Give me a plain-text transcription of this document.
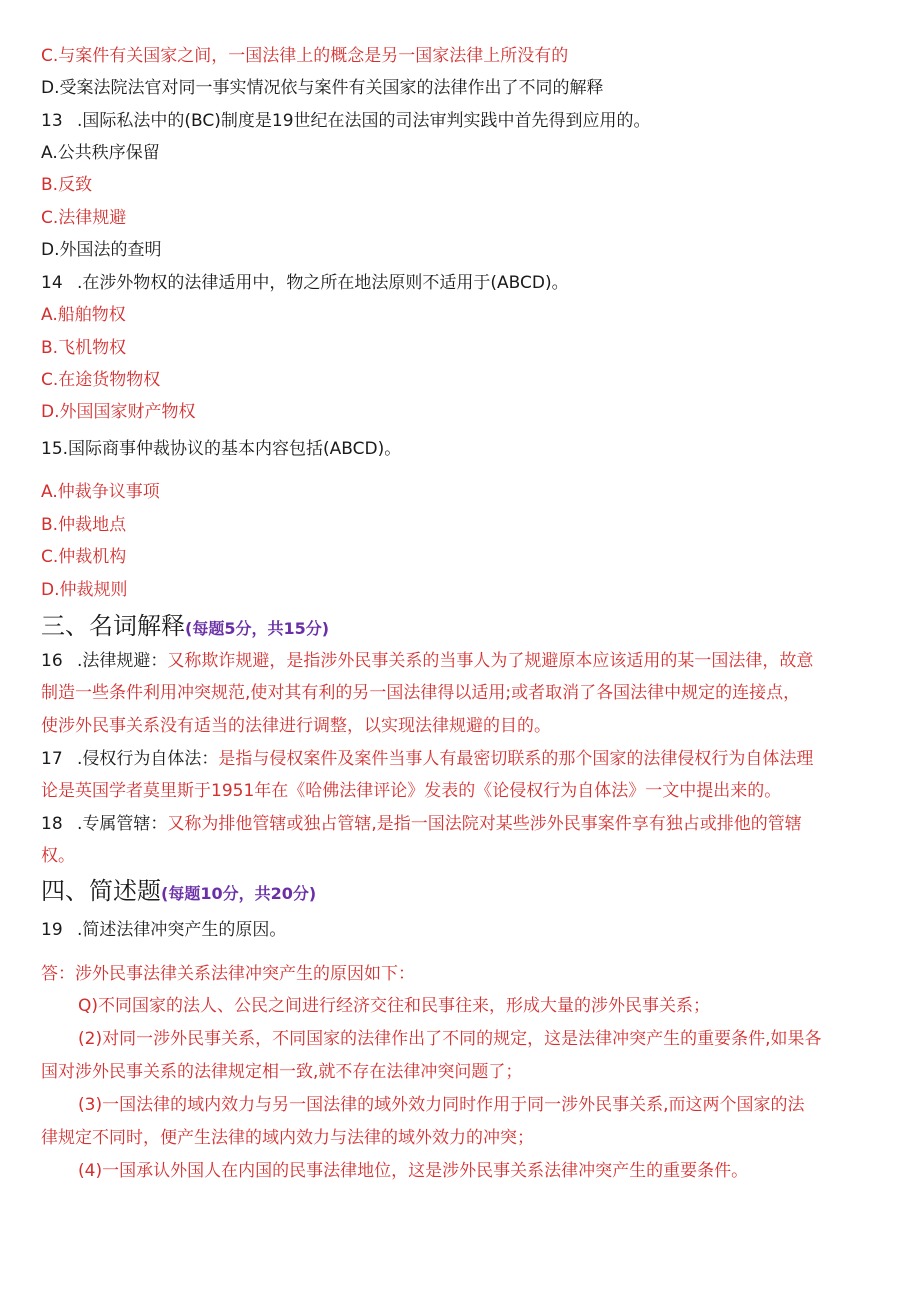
C.与案件有关国家之间，一国法律上的概念是另一国家法律上所没有的
D.受案法院法官对同一事实情况依与案件有关国家的法律作出了不同的解释
13 .国际私法中的(BC)制度是19世纪在法国的司法审判实践中首先得到应用的。
A.公共秩序保留
B.反致
C.法律规避
D.外国法的查明
14 .在涉外物权的法律适用中，物之所在地法原则不适用于(ABCD)。
A.船舶物权
B.飞机物权
C.在途货物物权
D.外国国家财产物权
15.国际商事仲裁协议的基本内容包括(ABCD)。
A.仲裁争议事项
B.仲裁地点
C.仲裁机构
D.仲裁规则
三、名词解释(每题5分，共15分)
16 .法律规避：又称欺诈规避，是指涉外民事关系的当事人为了规避原本应该适用的某一国法律，故意
制造一些条件利用冲突规范,使对其有利的另一国法律得以适用;或者取消了各国法律中规定的连接点，
使涉外民事关系没有适当的法律进行调整，以实现法律规避的目的。
17 .侵权行为自体法：是指与侵权案件及案件当事人有最密切联系的那个国家的法律侵权行为自体法理
论是英国学者莫里斯于1951年在《哈佛法律评论》发表的《论侵权行为自体法》一文中提出来的。
18 .专属管辖：又称为排他管辖或独占管辖,是指一国法院对某些涉外民事案件享有独占或排他的管辖
权。
四、简述题(每题10分，共20分)
19 .简述法律冲突产生的原因。
答：涉外民事法律关系法律冲突产生的原因如下：
Q)不同国家的法人、公民之间进行经济交往和民事往来，形成大量的涉外民事关系；
(2)对同一涉外民事关系，不同国家的法律作出了不同的规定，这是法律冲突产生的重要条件,如果各
国对涉外民事关系的法律规定相一致,就不存在法律冲突问题了；
(3)一国法律的域内效力与另一国法律的域外效力同时作用于同一涉外民事关系,而这两个国家的法
律规定不同时，便产生法律的域内效力与法律的域外效力的冲突；
(4)一国承认外国人在内国的民事法律地位，这是涉外民事关系法律冲突产生的重要条件。
